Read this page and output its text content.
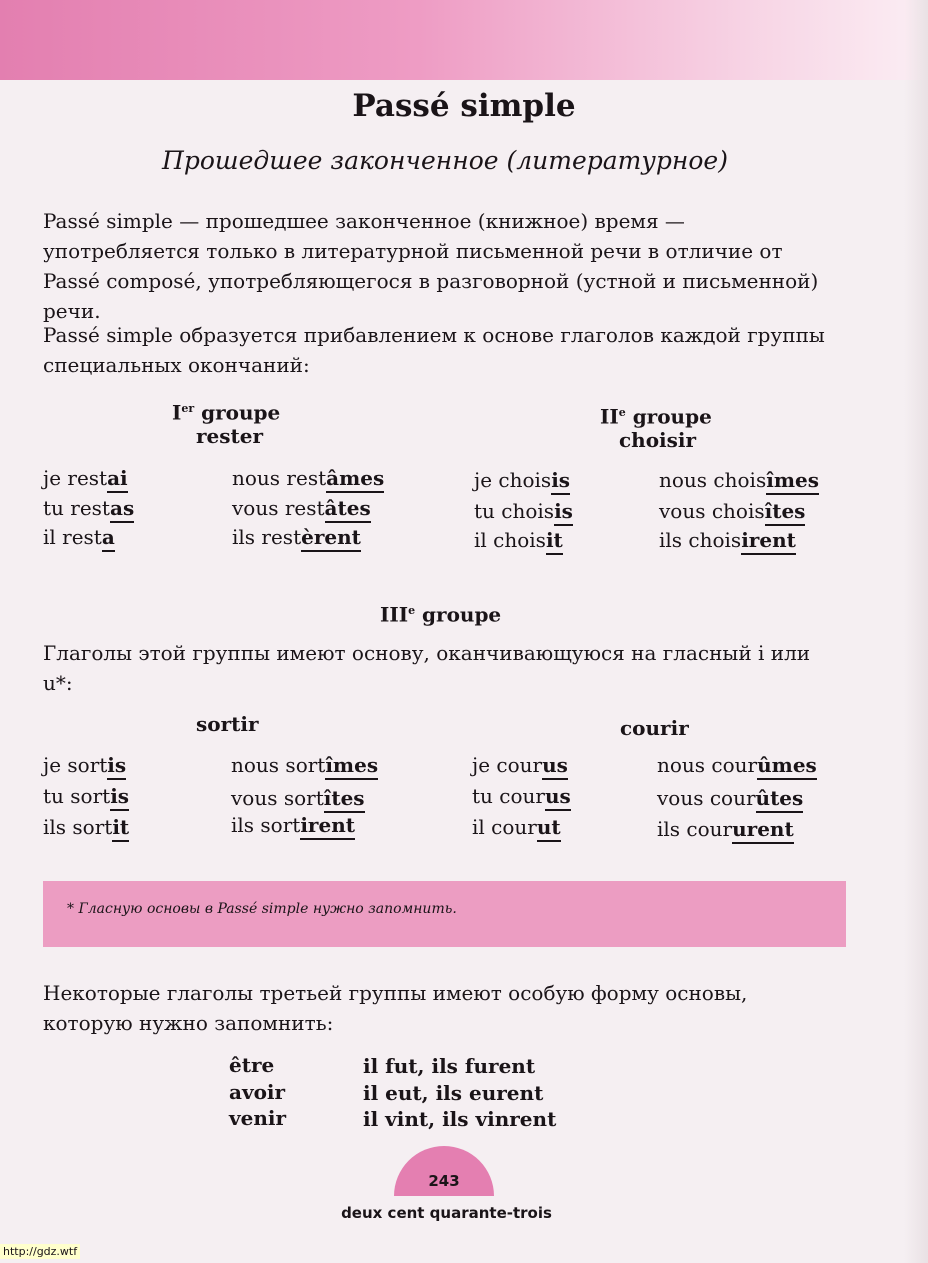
Passé simple
Прошедшее законченное (литературное)

Passé simple — прошедшее законченное (книжное) время — употребляется только в литературной письменной речи в отличие от Passé composé, употребляющегося в разговорной (устной и письменной) речи.

Passé simple образуется прибавлением к основе глаголов каждой группы специальных окончаний:

Ier groupe
rester
IIe groupe
choisir
je restai	nous restâmes
tu restas	vous restâtes
il resta	ils restèrent
je choisis	nous choisîmes
tu choisis	vous choisîtes
il choisit	ils choisirent
IIIe groupe

Глаголы этой группы имеют основу, оканчивающуюся на гласный i или u*:

sortir	courir
je sortis	nous sortîmes
tu sortis	vous sortîtes
ils sortit	ils sortirent
je courus	nous courûmes
tu courus	vous courûtes
il courut	ils coururent
* Гласную основы в Passé simple нужно запомнить.

Некоторые глаголы третьей группы имеют особую форму основы, которую нужно запомнить:

être	il fut, ils furent
avoir	il eut, ils eurent
venir	il vint, ils vinrent
243
deux cent quarante-trois
http://gdz.wtf
